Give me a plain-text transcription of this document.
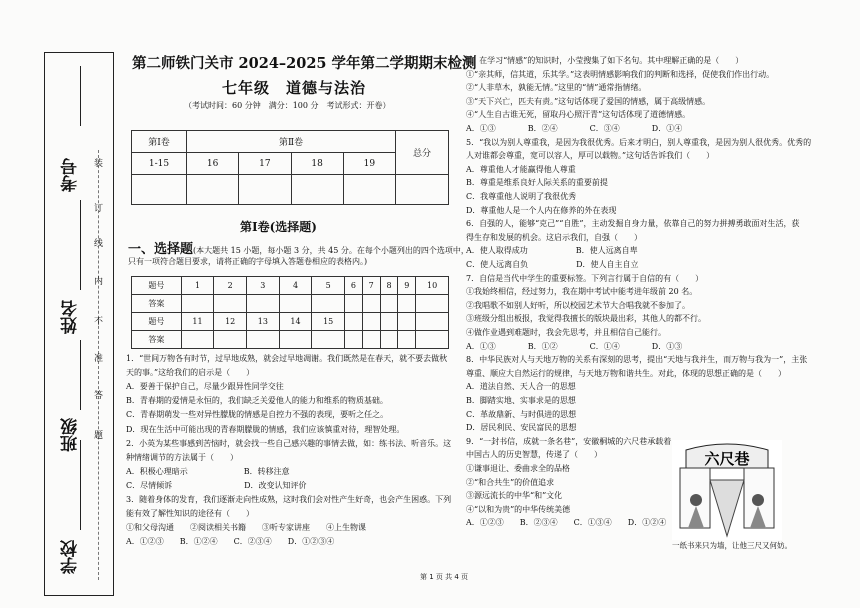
学校
班级
姓名
考号 装
订
线
内
不
准
答
题
第二师铁门关市 2024–2025 学年第二学期期末检测
七年级　道德与法治
（考试时间：60 分钟　满分：100 分　考试形式：开卷）
第Ⅰ卷	第Ⅱ卷				总分
1-15	16	17	18	19	

第Ⅰ卷(选择题)
一、选择题(本大题共 15 小题，每小题 3 分，共 45 分。在每个小题列出的四个选项中，
只有一项符合题目要求，请将正确的字母填入答题卷相应的表格内。)
题号	1	2	3	4	5	6	7	8	9	10
答案										
题号	11	12	13	14	15					
答案										
1．“世间万物各有时节，过早地成熟，就会过早地凋谢。我们既然是在春天，就不要去做秋
天的事。”这给我们的启示是（　　）
A．要善于保护自己，尽量少跟异性同学交往
B．青春期的爱情是永恒的，我们缺乏关爱他人的能力和维系的物质基础。
C．青春期萌发一些对异性朦胧的情感是自控力不强的表现，要听之任之。
D．现在生活中可能出现的青春期朦胧的情感，我们应该慎重对待，理智处理。
2．小英为某些事感到苦恼时，就会找一些自己感兴趣的事情去做，如：练书法、听音乐。这
种情绪调节的方法属于（　　）
A．积极心理暗示　　　　　　　B．转移注意
C．尽情倾诉　　　　　　　　　D．改变认知评价
3．随着身体的发育，我们逐渐走向性成熟，这时我们会对性产生好奇，也会产生困惑。下列
能有效了解性知识的途径有（　　）
①和父母沟通　　②阅读相关书籍　　③听专家讲座　　④上生物课
A．①②③　　B．①②④　　C．②③④　　D．①②③④
4．在学习“情感”的知识时，小莹搜集了如下名句。其中理解正确的是（　　）
①“亲其师，信其道，乐其学。”这表明情感影响我们的判断和选择，促使我们作出行动。
②“人非草木，孰能无情。”这里的“情”通常指情绪。
③“天下兴亡，匹夫有责。”这句话体现了爱国的情感，属于高级情感。
④“人生自古谁无死，留取丹心照汗青”这句话体现了道德情感。
A．①③　　　　B．②④　　　　C．③④　　　　D．①④
5．“我以为别人尊重我，是因为我很优秀。后来才明白，别人尊重我，是因为别人很优秀。优秀的
人对谁都会尊重，宽可以容人，厚可以载物。”这句话告诉我们（　　）
A．尊重他人才能赢得他人尊重
B．尊重是维系良好人际关系的重要前提
C．我尊重他人说明了我很优秀
D．尊重他人是一个人内在修养的外在表现
6．自强的人，能够“克己”“自胜”，主动发掘自身力量，依靠自己的努力拼搏勇敢面对生活，获
得生存和发展的机会。这启示我们，自强（　　）
A．使人取得成功　　　　　　B．使人远离自卑
C．使人远离自负　　　　　　D．使人自主自立
7．自信是当代中学生的重要标签。下列言行属于自信的有（　　）
①我始终相信，经过努力，我在期中考试中能考进年级前 20 名。
②我唱歌不如别人好听，所以校园艺术节大合唱我就不参加了。
③班级分组出板报，我觉得我擅长的版块最出彩，其他人的都不行。
④做作业遇到难题时，我会先思考，并且相信自己能行。
A．①③　　　　B．①②　　　　C．①④　　　　D．①③
8．中华民族对人与天地万物的关系有深刻的思考，提出“天地与我并生，而万物与我为一”，主张
尊重、顺应大自然运行的规律，与天地万物和谐共生。对此，体现的思想正确的是（　　）
A．道法自然、天人合一的思想
B．脚踏实地、实事求是的思想
C．革故鼎新、与时俱进的思想
D．居民利民、安民富民的思想
9．“一封书信，成就一条名巷”，安徽桐城的六尺巷承载着
中国古人的历史智慧，传递了（　　）
①谦事退让、委曲求全的品格
②“和合共生”的价值追求
③源远流长的中华“和”文化
④“以和为贵”的中华传统美德
A．①②③　　B．②③④　　C．①③④　　D．①②④
六尺巷
一纸书来只为墙，让他三尺又何妨。
第 1 页 共 4 页
